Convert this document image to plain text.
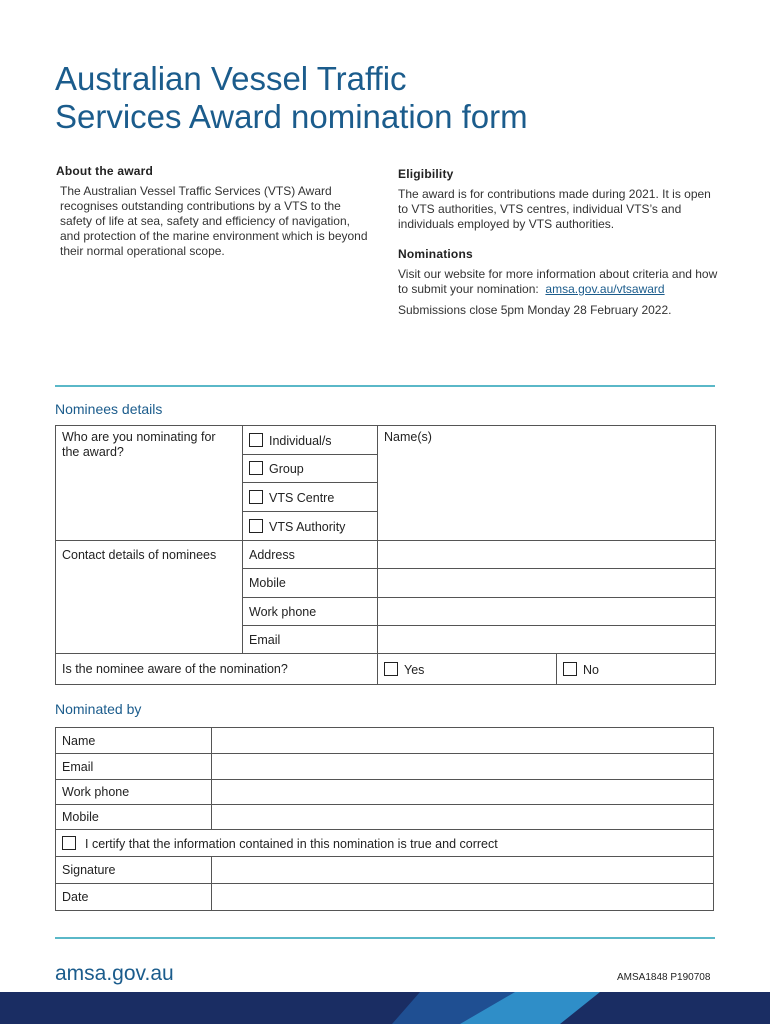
Australian Vessel Traffic
Services Award nomination form
About the award

The Australian Vessel Traffic Services (VTS) Award recognises outstanding contributions by a VTS to the safety of life at sea, safety and efficiency of navigation, and protection of the marine environment which is beyond their normal operational scope.

Eligibility

The award is for contributions made during 2021. It is open to VTS authorities, VTS centres, individual VTS’s and individuals employed by VTS authorities.

Nominations

Visit our website for more information about criteria and how to submit your nomination: amsa.gov.au/vtsaward

Submissions close 5pm Monday 28 February 2022.

Nominees details
Who are you nominating for the award?	Individual/s	Name(s)	
	Group		
	VTS Centre		
	VTS Authority		
Contact details of nominees	Address		
	Mobile		
	Work phone		
	Email		
Is the nominee aware of the nomination?		Yes	No
Nominated by
Name	
Email	
Work phone	
Mobile	
I certify that the information contained in this nomination is true and correct	
Signature	
Date	
amsa.gov.au	AMSA1848 P190708
